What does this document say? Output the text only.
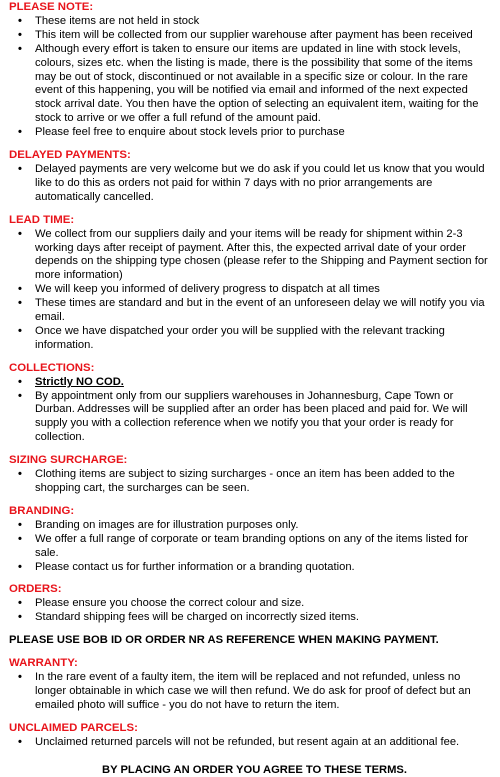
PLEASE NOTE:

•	These items are not held in stock
•	This item will be collected from our supplier warehouse after payment has been received
•	Although every effort is taken to ensure our items are updated in line with stock levels, colours, sizes etc. when the listing is made, there is the possibility that some of the items may be out of stock, discontinued or not available in a specific size or colour. In the rare event of this happening, you will be notified via email and informed of the next expected stock arrival date. You then have the option of selecting an equivalent item, waiting for the stock to arrive or we offer a full refund of the amount paid.
•	Please feel free to enquire about stock levels prior to purchase

DELAYED PAYMENTS:

•	Delayed payments are very welcome but we do ask if you could let us know that you would like to do this as orders not paid for within 7 days with no prior arrangements are automatically cancelled.

LEAD TIME:

•	We collect from our suppliers daily and your items will be ready for shipment within 2-3 working days after receipt of payment. After this, the expected arrival date of your order depends on the shipping type chosen (please refer to the Shipping and Payment section for more information)
•	We will keep you informed of delivery progress to dispatch at all times
•	These times are standard and but in the event of an unforeseen delay we will notify you via email.
•	Once we have dispatched your order you will be supplied with the relevant tracking information.

COLLECTIONS:

•	Strictly NO COD.
•	By appointment only from our suppliers warehouses in Johannesburg, Cape Town or Durban. Addresses will be supplied after an order has been placed and paid for. We will supply you with a collection reference when we notify you that your order is ready for collection.

SIZING SURCHARGE:

•	Clothing items are subject to sizing surcharges - once an item has been added to the shopping cart, the surcharges can be seen.

BRANDING:

•	Branding on images are for illustration purposes only.
•	We offer a full range of corporate or team branding options on any of the items listed for sale.
•	Please contact us for further information or a branding quotation.

ORDERS:

•	Please ensure you choose the correct colour and size.
•	Standard shipping fees will be charged on incorrectly sized items.

PLEASE USE BOB ID OR ORDER NR AS REFERENCE WHEN MAKING PAYMENT.

WARRANTY:

•	In the rare event of a faulty item, the item will be replaced and not refunded, unless no longer obtainable in which case we will then refund. We do ask for proof of defect but an emailed photo will suffice - you do not have to return the item.

UNCLAIMED PARCELS:

•	Unclaimed returned parcels will not be refunded, but resent again at an additional fee.

BY PLACING AN ORDER YOU AGREE TO THESE TERMS.
